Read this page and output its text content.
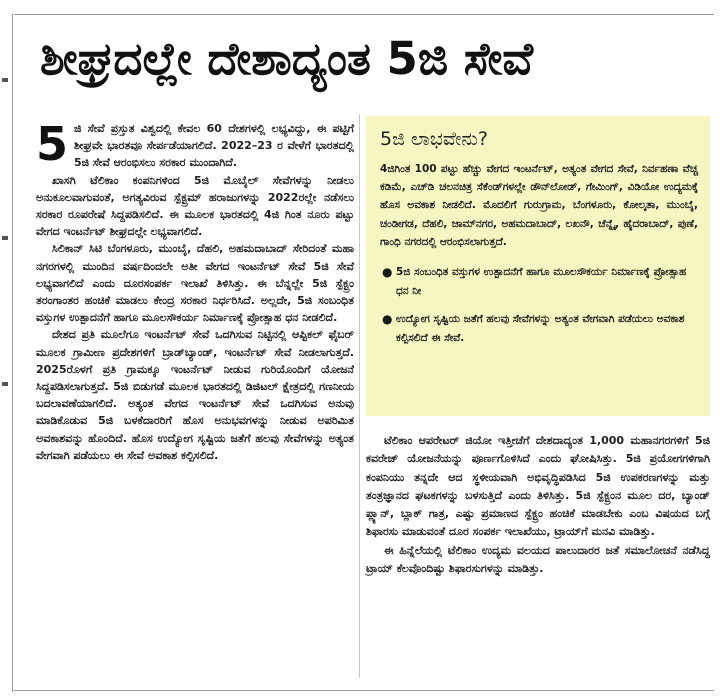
ಶೀಘ್ರದಲ್ಲೇ ದೇಶಾದ್ಯಂತ 5ಜಿ ಸೇವೆ

5 ಜಿ ಸೇವೆ ಪ್ರಸ್ತುತ ವಿಶ್ವದಲ್ಲಿ ಕೇವಲ 60 ದೇಶಗಳಲ್ಲಿ ಲಭ್ಯವಿದ್ದು, ಈ ಪಟ್ಟಿಗೆ ಶೀಘ್ರವೇ ಭಾರತವೂ ಸೇರ್ಪಡೆಯಾಗಲಿದೆ. 2022–23 ರ ವೇಳೆಗೆ ಭಾರತದಲ್ಲಿ 5ಜಿ ಸೇವೆ ಆರಂಭಿಸಲು ಸರಕಾರ ಮುಂದಾಗಿದೆ.

ಖಾಸಗಿ ಟೆಲಿಕಾಂ ಕಂಪನಿಗಳಿಂದ 5ಜಿ ಮೊಬೈಲ್ ಸೇವೆಗಳನ್ನು ನೀಡಲು ಅನುಕೂಲವಾಗುವಂತೆ, ಅಗತ್ಯವಿರುವ ಸ್ಪೆಕ್ಟ್ರಮ್ ಹರಾಜುಗಳನ್ನು 2022ರಲ್ಲೇ ನಡೆಸಲು ಸರಕಾರ ರೂಪರೇಷೆ ಸಿದ್ದಪಡಿಸಲಿದೆ. ಈ ಮೂಲಕ ಭಾರತದಲ್ಲಿ 4ಜಿ ಗಿಂತ ನೂರು ಪಟ್ಟು ವೇಗದ ಇಂಟರ್ನೆಟ್ ಶೀಘ್ರದಲ್ಲೇ ಲಭ್ಯವಾಗಲಿದೆ.

ಸಿಲಿಕಾನ್ ಸಿಟಿ ಬೆಂಗಳೂರು, ಮುಂಬೈ, ದೆಹಲಿ, ಅಹಮದಾಬಾದ್ ಸೇರಿದಂತೆ ಮಹಾ ನಗರಗಳಲ್ಲಿ ಮುಂದಿನ ವರ್ಷದಿಂದಲೇ ಅತೀ ವೇಗದ ಇಂಟರ್ನೆಟ್ ಸೇವೆ 5ಜಿ ಸೇವೆ ಲಭ್ಯವಾಗಲಿದೆ ಎಂದು ದೂರಸಂಪರ್ಕ ಇಲಾಖೆ ತಿಳಿಸಿತ್ತು. ಈ ಬೆನ್ನಲ್ಲೇ 5ಜಿ ಸ್ಪೆಕ್ಟ್ರಂ ತರಂಗಾಂತರ ಹಂಚಿಕೆ ಮಾಡಲು ಕೇಂದ್ರ ಸರಕಾರ ನಿರ್ಧರಿಸಿದೆ. ಅಲ್ಲದೇ, 5ಜಿ ಸಂಬಂಧಿತ ವಸ್ತುಗಳ ಉತ್ಪಾದನೆಗೆ ಹಾಗೂ ಮೂಲಸೌಕರ್ಯ ನಿರ್ಮಾಣಕ್ಕೆ ಪ್ರೋತ್ಸಾಹ ಧನ ನೀಡಲಿದೆ.

ದೇಶದ ಪ್ರತಿ ಮೂಲೆಗೂ ಇಂಟರ್ನೆಟ್ ಸೇವೆ ಒದಗಿಸುವ ನಿಟ್ಟಿನಲ್ಲಿ ಆಪ್ಟಿಕಲ್ ಫೈಬರ್ ಮೂಲಕ ಗ್ರಾಮೀಣ ಪ್ರದೇಶಗಳಿಗೆ ಬ್ರಾಡ್‌ಬ್ಯಾಂಡ್, ಇಂಟರ್ನೆಟ್ ಸೇವೆ ನೀಡಲಾಗುತ್ತದೆ. 2025ರೊಳಗೆ ಪ್ರತಿ ಗ್ರಾಮಕ್ಕೂ ಇಂಟರ್ನೆಟ್ ನೀಡುವ ಗುರಿಯೊಂದಿಗೆ ಯೋಜನೆ ಸಿದ್ದಪಡಿಸಲಾಗುತ್ತದೆ. 5ಜಿ ಬಿಡುಗಡೆ ಮೂಲಕ ಭಾರತದಲ್ಲಿ ಡಿಜಿಟಲ್ ಕ್ಷೇತ್ರದಲ್ಲಿ ಗಣನೀಯ ಬದಲಾವಣೆಯಾಗಲಿದೆ. ಅತ್ಯಂತ ವೇಗದ ಇಂಟರ್ನೆಟ್ ಸೇವೆ ಒದಗಿಸುವ ಅನುವು ಮಾಡಿಕೊಡುವ 5ಜಿ ಬಳಕೆದಾರರಿಗೆ ಹೊಸ ಅನುಭವಗಳನ್ನು ನೀಡುವ ಅಪರಿಮಿತ ಅವಕಾಶವನ್ನು ಹೊಂದಿದೆ. ಹೊಸ ಉದ್ಯೋಗ ಸೃಷ್ಟಿಯ ಜತೆಗೆ ಹಲವು ಸೇವೆಗಳನ್ನು ಅತ್ಯಂತ ವೇಗವಾಗಿ ಪಡೆಯಲು ಈ ಸೇವೆ ಅವಕಾಶ ಕಲ್ಪಿಸಲಿದೆ.

5ಜಿ ಲಾಭವೇನು?

4ಜಿಗಿಂತ 100 ಪಟ್ಟು ಹೆಚ್ಚು ವೇಗದ ಇಂಟರ್ನೆಟ್, ಅತ್ಯಂತ ವೇಗದ ಸೇವೆ, ನಿರ್ವಹಣಾ ವೆಚ್ಚ ಕಡಿಮೆ, ಎಚ್‌ಡಿ ಚಲನಚಿತ್ರ ಸೆಕೆಂಡ್‌ಗಳಲ್ಲೇ ಡೌನ್‌ಲೋಡ್, ಗೇಮಿಂಗ್, ವಿಡಿಯೋ ಉದ್ಯಮಕ್ಕೆ ಹೊಸ ಅವಕಾಶ ನೀಡಲಿದೆ. ಮೊದಲಿಗೆ ಗುರುಗ್ರಾಮ, ಬೆಂಗಳೂರು, ಕೋಲ್ಕತಾ, ಮುಂಬೈ, ಚಂಡೀಗಡ, ದೆಹಲಿ, ಜಾಮ್‌ನಗರ, ಅಹಮದಾಬಾದ್, ಲಖನೌ, ಚೆನ್ನೈ, ಹೈದರಾಬಾದ್, ಪುಣೆ, ಗಾಂಧಿ ನಗರದಲ್ಲಿ ಆರಂಭಿಸಲಾಗುತ್ತದೆ.

● 5ಜಿ ಸಂಬಂಧಿತ ವಸ್ತುಗಳ ಉತ್ಪಾದನೆಗೆ ಹಾಗೂ ಮೂಲಸೌಕರ್ಯ ನಿರ್ಮಾಣಕ್ಕೆ ಪ್ರೋತ್ಸಾಹ ಧನ ನೀ
● ಉದ್ಯೋಗ ಸೃಷ್ಟಿಯ ಜತೆಗೆ ಹಲವು ಸೇವೆಗಳನ್ನು ಅತ್ಯಂತ ವೇಗವಾಗಿ ಪಡೆಯಲು ಅವಕಾಶ ಕಲ್ಪಿಸಲಿದೆ ಈ ಸೇವೆ.

ಟೆಲಿಕಾಂ ಆಪರೇಟರ್ ಜಿಯೋ ಇತ್ತೀಚೆಗೆ ದೇಶದಾದ್ಯಂತ 1,000 ಮಹಾನಗರಗಳಿಗೆ 5ಜಿ ಕವರೇಜ್ ಯೋಜನೆಯನ್ನು ಪೂರ್ಣಗೊಳಿಸಿದೆ ಎಂದು ಘೋಷಿಸಿತ್ತು. 5ಜಿ ಪ್ರಯೋಗಗಳಿಗಾಗಿ ಕಂಪನಿಯು ತನ್ನದೇ ಆದ ಸ್ಥಳೀಯವಾಗಿ ಅಭಿವೃದ್ಧಿಪಡಿಸಿದ 5ಜಿ ಉಪಕರಣಗಳನ್ನು ಮತ್ತು ತಂತ್ರಜ್ಞಾನದ ಘಟಕಗಳನ್ನು ಬಳಸುತ್ತಿದೆ ಎಂದು ತಿಳಿಸಿತ್ತು. 5ಜಿ ಸ್ಪೆಕ್ಟ್ರಂನ ಮೂಲ ದರ, ಬ್ಯಾಂಡ್ ಪ್ಲ್ಯಾನ್, ಬ್ಲಾಕ್ ಗಾತ್ರ, ಎಷ್ಟು ಪ್ರಮಾಣದ ಸ್ಪೆಕ್ಟ್ರಂ ಹಂಚಿಕೆ ಮಾಡಬೇಕು ಎಂಬ ವಿಷಯದ ಬಗ್ಗೆ ಶಿಫಾರಸು ಮಾಡುವಂತೆ ದೂರ ಸಂಪರ್ಕ ಇಲಾಖೆಯು, ಟ್ರಾಯ್‌ಗೆ ಮನವಿ ಮಾಡಿತ್ತು.

ಈ ಹಿನ್ನೆಲೆಯಲ್ಲಿ ಟೆಲಿಕಾಂ ಉದ್ಯಮ ವಲಯದ ಪಾಲುದಾರರ ಜತೆ ಸಮಾಲೋಚನೆ ನಡೆಸಿದ್ದ ಟ್ರಾಯ್ ಕೆಲವೊಂದಿಷ್ಟು ಶಿಫಾರಸುಗಳನ್ನು ಮಾಡಿತ್ತು.
